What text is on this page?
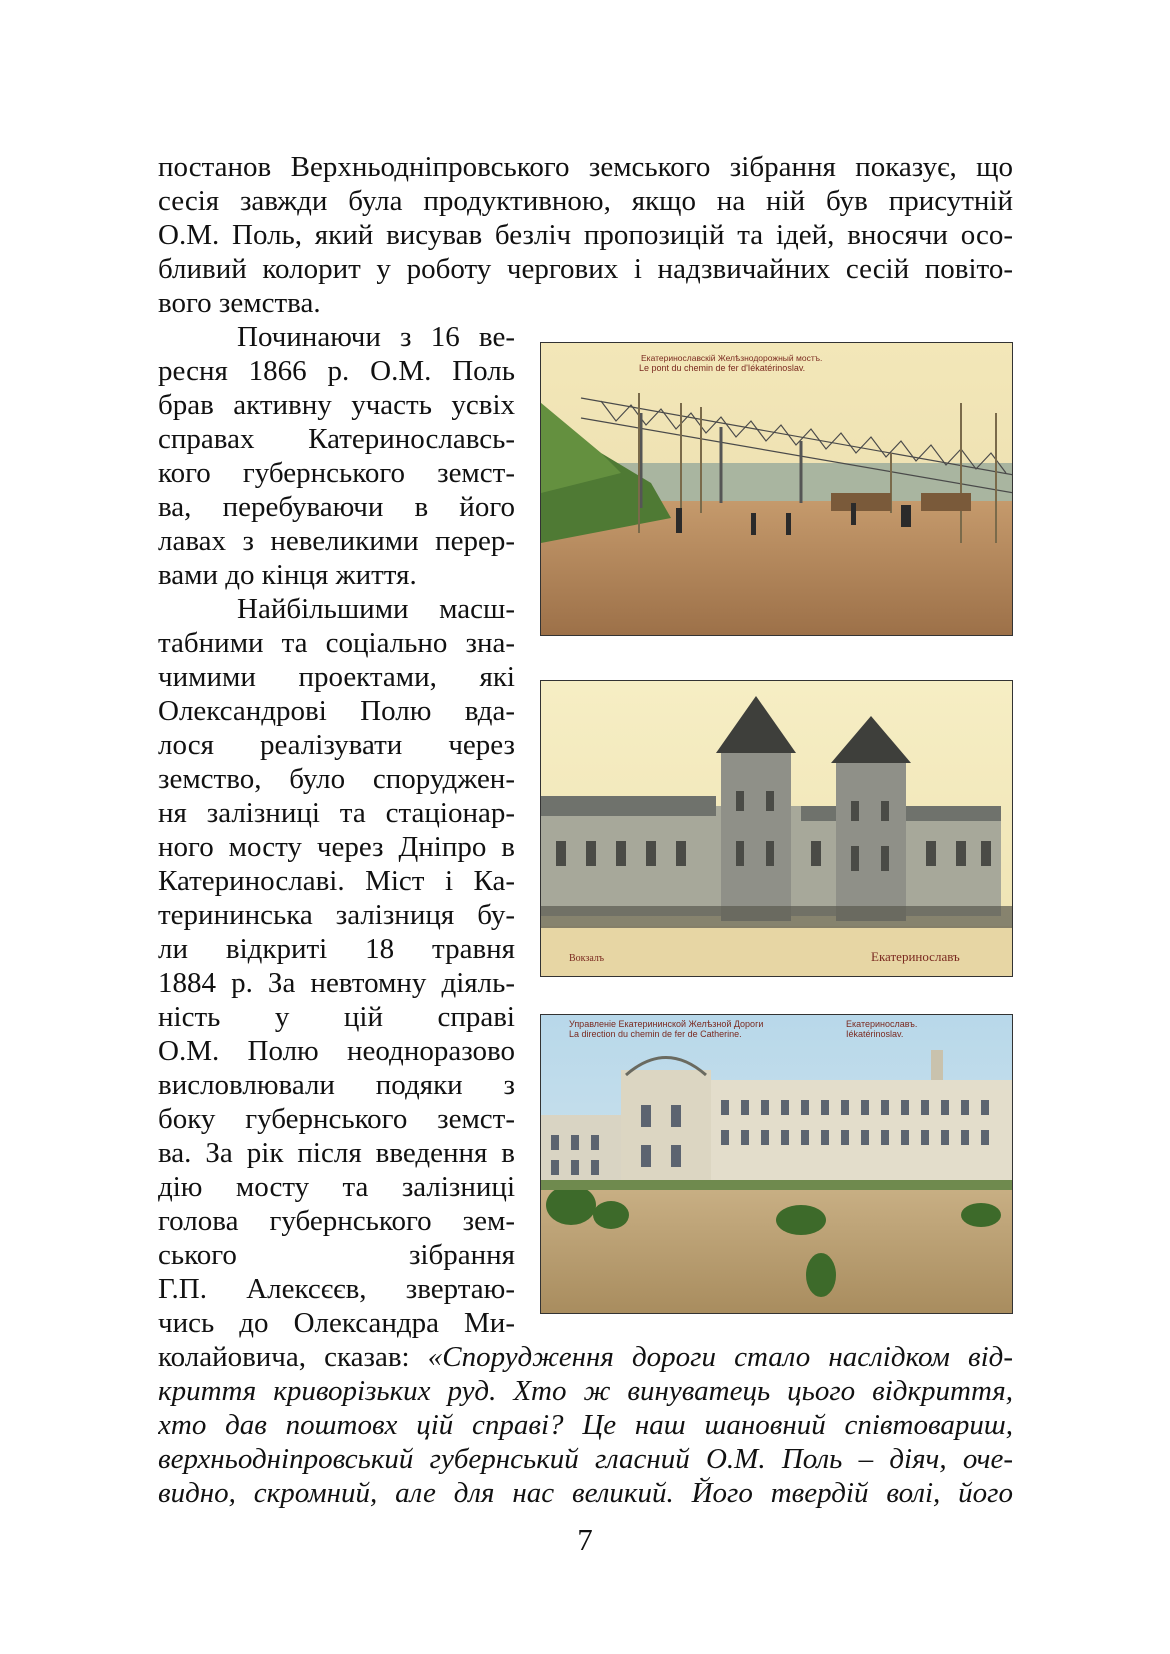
постанов Верхньодніпровського земського зібрання показує, що
сесія завжди була продуктивною, якщо на ній був присутній
О.М. Поль, який висував безліч пропозицій та ідей, вносячи осо-
бливий колорит у роботу чергових і надзвичайних сесій повіто-
вого земства.
Починаючи з 16 ве-
ресня 1866 р. О.М. Поль
брав активну участь усвіх
справах Катеринославсь-
кого губернського земст-
ва, перебуваючи в його
лавах з невеликими перер-
вами до кінця життя.
Найбільшими масш-
табними та соціально зна-
чимими проектами, які
Олександрові Полю вда-
лося реалізувати через
земство, було споруджен-
ня залізниці та стаціонар-
ного мосту через Дніпро в
Катеринославі. Міст і Ка-
терининська залізниця бу-
ли відкриті 18 травня
1884 р. За невтомну діяль-
ність у цій справі
О.М. Полю неодноразово
висловлювали подяки з
боку губернського земст-
ва. За рік після введення в
дію мосту та залізниці
голова губернського зем-
ського зібрання
Г.П. Алексєєв, звертаю-
чись до Олександра Ми-
колайовича, сказав: «Спорудження дороги стало наслідком від-
криття криворізьких руд. Хто ж винуватець цього відкриття,
хто дав поштовх цій справі? Це наш шановний співтовариш,
верхньодніпровський губернський гласний О.М. Поль – діяч, оче-
видно, скромний, але для нас великий. Його твердій волі, його
Екатеринославскій Желѣзнодорожный мостъ.
Le pont du chemin de fer d'Iékatérinoslav.
Вокзалъ	Екатеринославъ
Управленіе Екатерининской Желѣзной Дороги
La direction du chemin de fer de Catherine.
Екатеринославъ.
Iékatérinoslav.
7
